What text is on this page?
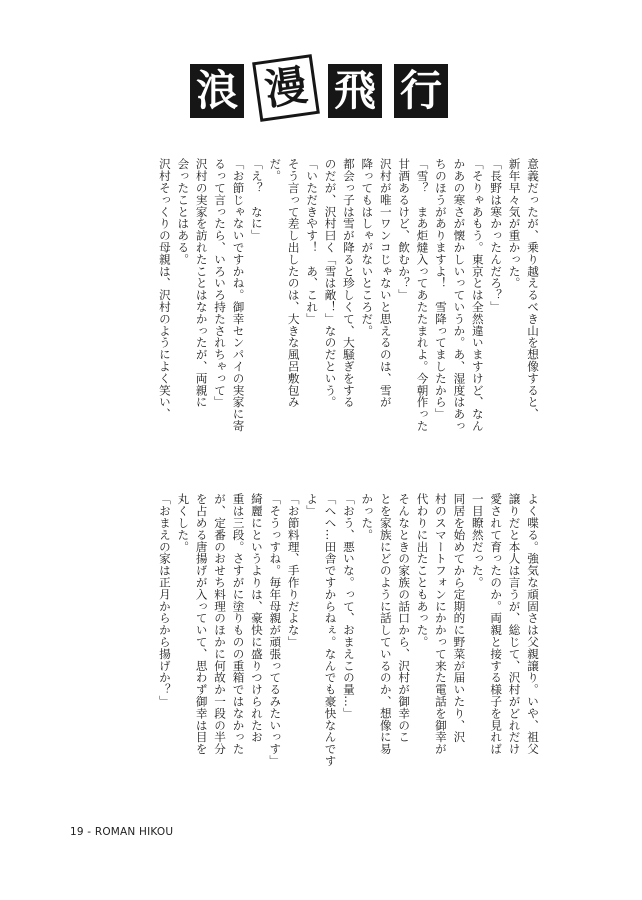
浪 漫 飛 行
意義だったが、乗り越えるべき山を想像すると、
新年早々気が重かった。
「長野は寒かったんだろ？」
「そりゃあもう。東京とは全然違いますけど、なん
かあの寒さが懐かしいっていうか。あ、湿度はあっ
ちのほうがありますよ！　雪降ってましたから」
「雪？　まあ炬燵入ってあたたまれよ。今朝作った
甘酒あるけど、飲むか？」
沢村が唯一ワンコじゃないと思えるのは、雪が
降ってもはしゃがないところだ。
都会っ子は雪が降ると珍しくて、大騒ぎをする
のだが、沢村曰く「雪は敵！」なのだという。
「いただきやす！　あ、これ」
そう言って差し出したのは、大きな風呂敷包み
だ。
「え？　なに」
「お節じゃないですかね。御幸センパイの実家に寄
るって言ったら、いろいろ持たされちゃって」
沢村の実家を訪れたことはなかったが、両親に
会ったことはある。
沢村そっくりの母親は、沢村のようによく笑い、
よく喋る。強気な頑固さは父親譲り。いや、祖父
譲りだと本人は言うが、総じて、沢村がどれだけ
愛されて育ったのか。両親と接する様子を見れば
一目瞭然だった。
同居を始めてから定期的に野菜が届いたり、沢
村のスマートフォンにかかって来た電話を御幸が
代わりに出たこともあった。
そんなときの家族の話口から、沢村が御幸のこ
とを家族にどのように話しているのか、想像に易
かった。
「おう、悪いな。って、おまえこの量…」
「へへ…田舎ですからねぇ。なんでも豪快なんです
よ」
「お節料理、手作りだよな」
「そうっすね。毎年母親が頑張ってるみたいっす」
綺麗にというよりは、豪快に盛りつけられたお
重は三段。さすがに塗りものの重箱ではなかった
が、定番のおせち料理のほかに何故か一段の半分
を占める唐揚げが入っていて、思わず御幸は目を
丸くした。
「おまえの家は正月からから揚げか？」
19 - ROMAN HIKOU
